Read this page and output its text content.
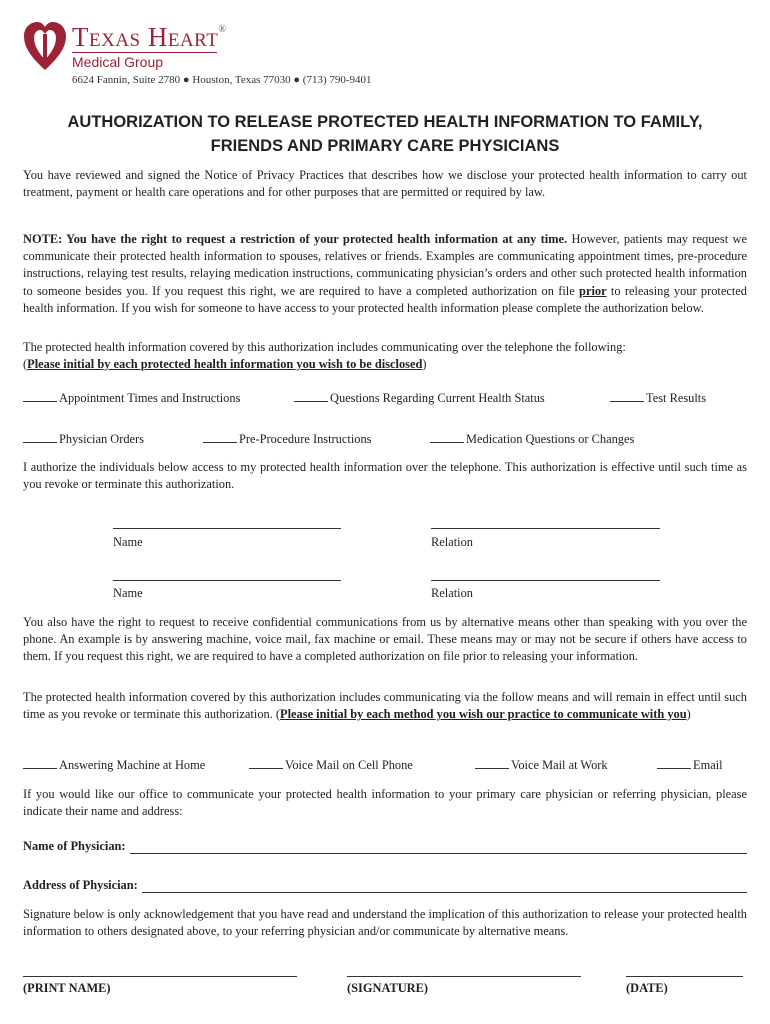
Texas Heart®
Medical Group
6624 Fannin, Suite 2780 ● Houston, Texas 77030 ● (713) 790-9401
AUTHORIZATION TO RELEASE PROTECTED HEALTH INFORMATION TO FAMILY,
FRIENDS AND PRIMARY CARE PHYSICIANS
You have reviewed and signed the Notice of Privacy Practices that describes how we disclose your protected health information to carry out treatment, payment or health care operations and for other purposes that are permitted or required by law.
NOTE: You have the right to request a restriction of your protected health information at any time. However, patients may request we communicate their protected health information to spouses, relatives or friends. Examples are communicating appointment times, pre-procedure instructions, relaying test results, relaying medication instructions, communicating physician’s orders and other such protected health information to someone besides you. If you request this right, we are required to have a completed authorization on file prior to releasing your protected health information. If you wish for someone to have access to your protected health information please complete the authorization below.
The protected health information covered by this authorization includes communicating over the telephone the following:
(Please initial by each protected health information you wish to be disclosed)
Appointment Times and Instructions	Questions Regarding Current Health Status	Test Results
Physician Orders	Pre-Procedure Instructions	Medication Questions or Changes
I authorize the individuals below access to my protected health information over the telephone. This authorization is effective until such time as you revoke or terminate this authorization.
Name	Relation
Name	Relation
You also have the right to request to receive confidential communications from us by alternative means other than speaking with you over the phone. An example is by answering machine, voice mail, fax machine or email. These means may or may not be secure if others have access to them. If you request this right, we are required to have a completed authorization on file prior to releasing your information.
The protected health information covered by this authorization includes communicating via the follow means and will remain in effect until such time as you revoke or terminate this authorization. (Please initial by each method you wish our practice to communicate with you)
Answering Machine at Home	Voice Mail on Cell Phone	Voice Mail at Work	Email
If you would like our office to communicate your protected health information to your primary care physician or referring physician, please indicate their name and address:
Name of Physician:
Address of Physician:
Signature below is only acknowledgement that you have read and understand the implication of this authorization to release your protected health information to others designated above, to your referring physician and/or communicate by alternative means.
(PRINT NAME)	(SIGNATURE)	(DATE)
